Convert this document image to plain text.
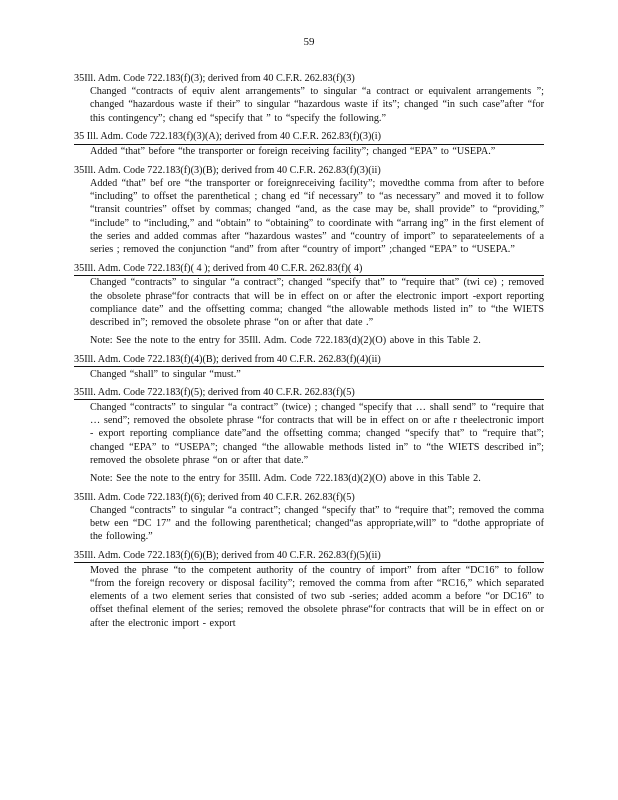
59
35Ill. Adm. Code 722.183(f)(3); derived from 40 C.F.R. 262.83(f)(3)
Changed “contracts of equiv alent arrangements” to singular “a contract or equivalent arrangements ”; changed “hazardous waste if their” to singular “hazardous waste if its”; changed “in such case”after “for this contingency”; chang ed “specify that ” to “specify the following.”
35 Ill. Adm. Code 722.183(f)(3)(A); derived from 40 C.F.R. 262.83(f)(3)(i)
Added “that” before “the transporter or foreign receiving facility”; changed “EPA” to “USEPA.”
35Ill. Adm. Code 722.183(f)(3)(B); derived from 40 C.F.R. 262.83(f)(3)(ii)
Added “that” bef ore “the transporter or foreignreceiving facility”; movedthe comma from after to before “including” to offset the parenthetical ; chang ed “if necessary” to “as necessary” and moved it to follow “transit countries” offset by commas; changed “and, as the case may be, shall provide” to “providing,” “include” to “including,” and “obtain” to “obtaining” to coordinate with “arrang ing” in the first element of the series and added commas after “hazardous wastes” and “country of import” to separateelements of a series ; removed the conjunction “and” from after “country of import” ;changed “EPA” to “USEPA.”
35Ill. Adm. Code 722.183(f)( 4 ); derived from 40 C.F.R. 262.83(f)( 4)
Changed “contracts” to singular “a contract”; changed “specify that” to “require that” (twi ce) ; removed the obsolete phrase“for contracts that will be in effect on or after the electronic import -export reporting compliance date” and the offsetting comma; changed “the allowable methods listed in” to “the WIETS described in”; removed the obsolete phrase “on or after that date .”
Note: See the note to the entry for 35Ill. Adm. Code 722.183(d)(2)(O) above in this Table 2.
35Ill. Adm. Code 722.183(f)(4)(B); derived from 40 C.F.R. 262.83(f)(4)(ii)
Changed “shall” to singular “must.”
35Ill. Adm. Code 722.183(f)(5); derived from 40 C.F.R. 262.83(f)(5)
Changed “contracts” to singular “a contract” (twice) ; changed “specify that … shall send” to “require that … send”; removed the obsolete phrase “for contracts that will be in effect on or afte r theelectronic import - export reporting compliance date”and the offsetting comma; changed “specify that” to “require that”; changed “EPA” to “USEPA”; changed “the allowable methods listed in” to “the WIETS described in”; removed the obsolete phrase “on or after that date.”
Note: See the note to the entry for 35Ill. Adm. Code 722.183(d)(2)(O) above in this Table 2.
35Ill. Adm. Code 722.183(f)(6); derived from 40 C.F.R. 262.83(f)(5)
Changed “contracts” to singular “a contract”; changed “specify that” to “require that”; removed the comma betw een “DC 17” and the following parenthetical; changed“as appropriate,will” to “dothe appropriate of the following.”
35Ill. Adm. Code 722.183(f)(6)(B); derived from 40 C.F.R. 262.83(f)(5)(ii)
Moved the phrase “to the competent authority of the country of import” from after “DC16” to follow “from the foreign recovery or disposal facility”; removed the comma from after “RC16,” which separated elements of a two element series that consisted of two sub -series; added acomm a before “or DC16” to offset thefinal element of the series; removed the obsolete phrase“for contracts that will be in effect on or after the electronic import - export
